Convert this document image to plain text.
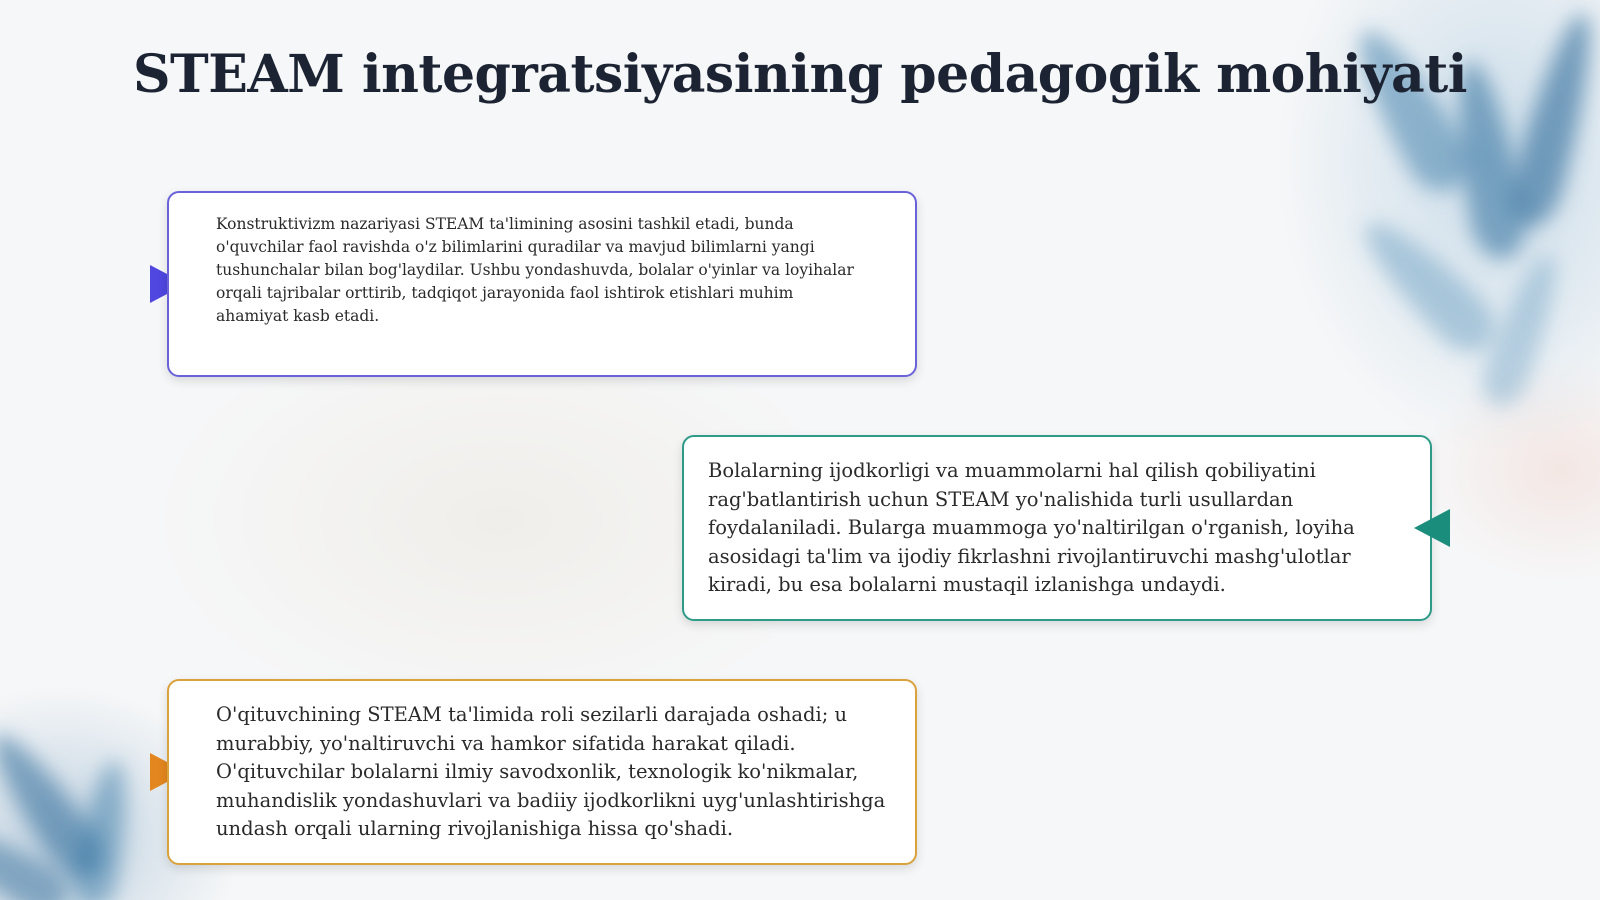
STEAM integratsiyasining pedagogik mohiyati
Konstruktivizm nazariyasi STEAM ta'limining asosini tashkil etadi, bunda o'quvchilar faol ravishda o'z bilimlarini quradilar va mavjud bilimlarni yangi tushunchalar bilan bog'laydilar. Ushbu yondashuvda, bolalar o'yinlar va loyihalar orqali tajribalar orttirib, tadqiqot jarayonida faol ishtirok etishlari muhim ahamiyat kasb etadi.
Bolalarning ijodkorligi va muammolarni hal qilish qobiliyatini rag'batlantirish uchun STEAM yo'nalishida turli usullardan foydalaniladi. Bularga muammoga yo'naltirilgan o'rganish, loyiha asosidagi ta'lim va ijodiy fikrlashni rivojlantiruvchi mashg'ulotlar kiradi, bu esa bolalarni mustaqil izlanishga undaydi.
O'qituvchining STEAM ta'limida roli sezilarli darajada oshadi; u murabbiy, yo'naltiruvchi va hamkor sifatida harakat qiladi. O'qituvchilar bolalarni ilmiy savodxonlik, texnologik ko'nikmalar, muhandislik yondashuvlari va badiiy ijodkorlikni uyg'unlashtirishga undash orqali ularning rivojlanishiga hissa qo'shadi.
